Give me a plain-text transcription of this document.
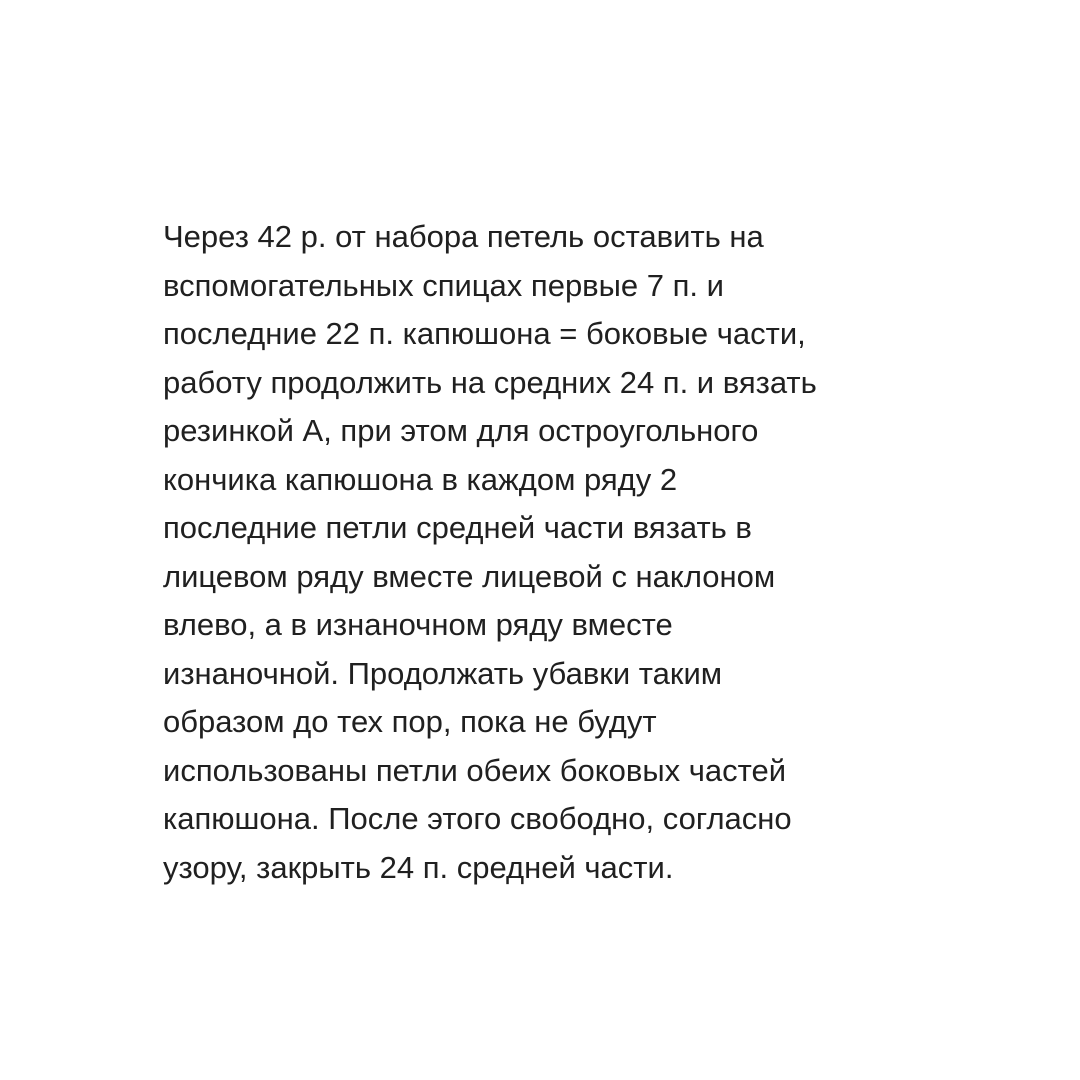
Через 42 р. от набора петель оставить на
вспомогательных спицах первые 7 п. и
последние 22 п. капюшона = боковые части,
работу продолжить на средних 24 п. и вязать
резинкой А, при этом для остроугольного
кончика капюшона в каждом ряду 2
последние петли средней части вязать в
лицевом ряду вместе лицевой с наклоном
влево, а в изнаночном ряду вместе
изнаночной. Продолжать убавки таким
образом до тех пор, пока не будут
использованы петли обеих боковых частей
капюшона. После этого свободно, согласно
узору, закрыть 24 п. средней части.
